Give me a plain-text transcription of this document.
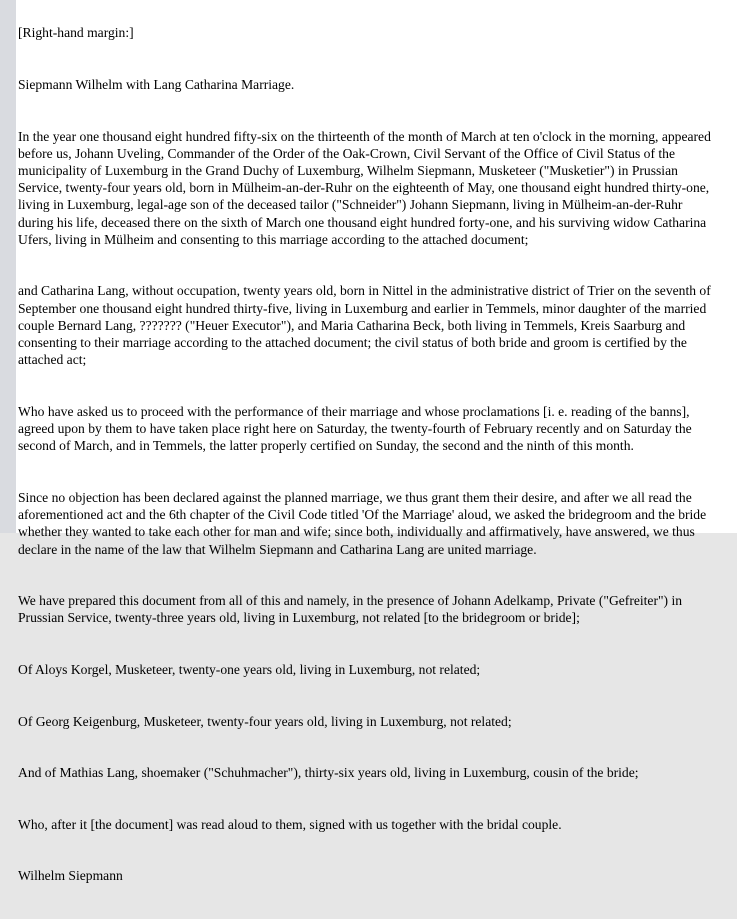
[Right-hand margin:]

Siepmann Wilhelm with Lang Catharina Marriage.

In the year one thousand eight hundred fifty-six on the thirteenth of the month of March at ten o'clock in the morning, appeared before us, Johann Uveling, Commander of the Order of the Oak-Crown, Civil Servant of the Office of Civil Status of the municipality of Luxemburg in the Grand Duchy of Luxemburg, Wilhelm Siepmann, Musketeer ("Musketier") in Prussian Service, twenty-four years old, born in Mülheim-an-der-Ruhr on the eighteenth of May, one thousand eight hundred thirty-one, living in Luxemburg, legal-age son of the deceased tailor ("Schneider") Johann Siepmann, living in Mülheim-an-der-Ruhr during his life, deceased there on the sixth of March one thousand eight hundred forty-one, and his surviving widow Catharina Ufers, living in Mülheim and consenting to this marriage according to the attached document;

and Catharina Lang, without occupation, twenty years old, born in Nittel in the administrative district of Trier on the seventh of September one thousand eight hundred thirty-five, living in Luxemburg and earlier in Temmels, minor daughter of the married couple Bernard Lang, ??????? ("Heuer Executor"), and Maria Catharina Beck, both living in Temmels, Kreis Saarburg and consenting to their marriage according to the attached document; the civil status of both bride and groom is certified by the attached act;

Who have asked us to proceed with the performance of their marriage and whose proclamations [i. e. reading of the banns], agreed upon by them to have taken place right here on Saturday, the twenty-fourth of February recently and on Saturday the second of March, and in Temmels, the latter properly certified on Sunday, the second and the ninth of this month.

Since no objection has been declared against the planned marriage, we thus grant them their desire, and after we all read the aforementioned act and the 6th chapter of the Civil Code titled 'Of the Marriage' aloud, we asked the bridegroom and the bride whether they wanted to take each other for man and wife; since both, individually and affirmatively, have answered, we thus declare in the name of the law that Wilhelm Siepmann and Catharina Lang are united marriage.

We have prepared this document from all of this and namely, in the presence of Johann Adelkamp, Private ("Gefreiter") in Prussian Service, twenty-three years old, living in Luxemburg, not related [to the bridegroom or bride];

Of Aloys Korgel, Musketeer, twenty-one years old, living in Luxemburg, not related;

Of Georg Keigenburg, Musketeer, twenty-four years old, living in Luxemburg, not related;

And of Mathias Lang, shoemaker ("Schuhmacher"), thirty-six years old, living in Luxemburg, cousin of the bride;

Who, after it [the document] was read aloud to them, signed with us together with the bridal couple.

Wilhelm Siepmann
